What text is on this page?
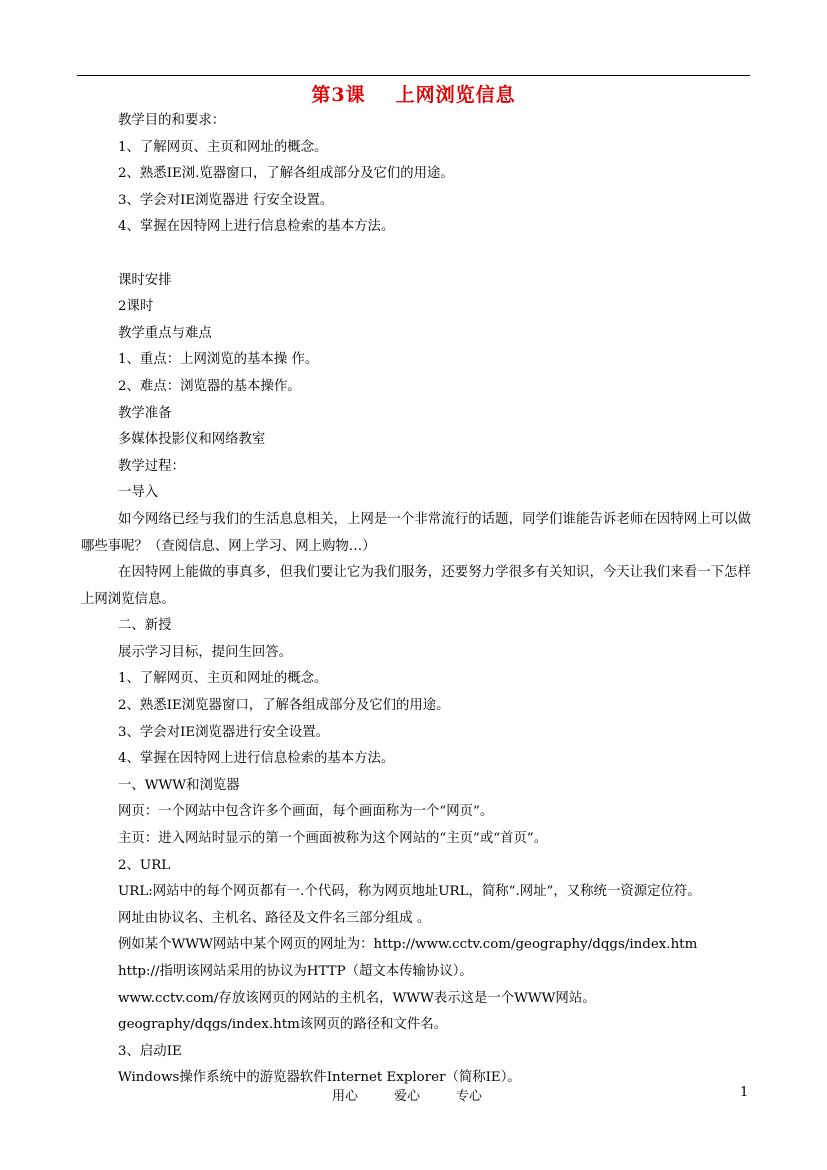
第3课 上网浏览信息
教学目的和要求：
1、了解网页、主页和网址的概念。
2、熟悉IE浏.览器窗口，了解各组成部分及它们的用途。
3、学会对IE浏览器进 行安全设置。
4、掌握在因特网上进行信息检索的基本方法。
课时安排
2课时
教学重点与难点
1、重点：上网浏览的基本操 作。
2、难点：浏览器的基本操作。
教学准备
多媒体投影仪和网络教室
教学过程：
一导入
如今网络已经与我们的生活息息相关，上网是一个非常流行的话题，同学们谁能告诉老师在因特网上可以做哪些事呢？（查阅信息、网上学习、网上购物…）
在因特网上能做的事真多，但我们要让它为我们服务，还要努力学很多有关知识，今天让我们来看一下怎样上网浏览信息。
二、新授
展示学习目标，提问生回答。
1、了解网页、主页和网址的概念。
2、熟悉IE浏览器窗口，了解各组成部分及它们的用途。
3、学会对IE浏览器进行安全设置。
4、掌握在因特网上进行信息检索的基本方法。
一、WWW和浏览器
网页：一个网站中包含许多个画面，每个画面称为一个“网页”。
主页：进入网站时显示的第一个画面被称为这个网站的“主页”或“首页”。
2、URL
URL:网站中的每个网页都有一.个代码，称为网页地址URL，简称“.网址”，又称统一资源定位符。
网址由协议名、主机名、路径及文件名三部分组成 。
例如某个WWW网站中某个网页的网址为：http://www.cctv.com/geography/dqgs/index.htm
http://指明该网站采用的协议为HTTP（超文本传输协议）。
www.cctv.com/存放该网页的网站的主机名，WWW表示这是一个WWW网站。
geography/dqgs/index.htm该网页的路径和文件名。
3、启动IE
Windows操作系统中的游览器软件Internet Explorer（简称IE）。
用心	爱心	专心	1
